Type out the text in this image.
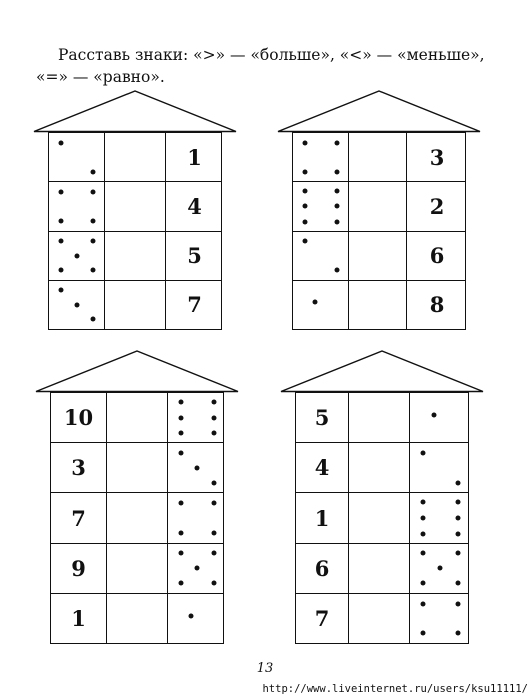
Расставь знаки: «>» — «больше», «<» — «меньше»,
«=» — «равно».
1
4
5
7
3
2
6
8
10
3
7
9
1
5
4
1
6
7
13
http://www.liveinternet.ru/users/ksu11111/
